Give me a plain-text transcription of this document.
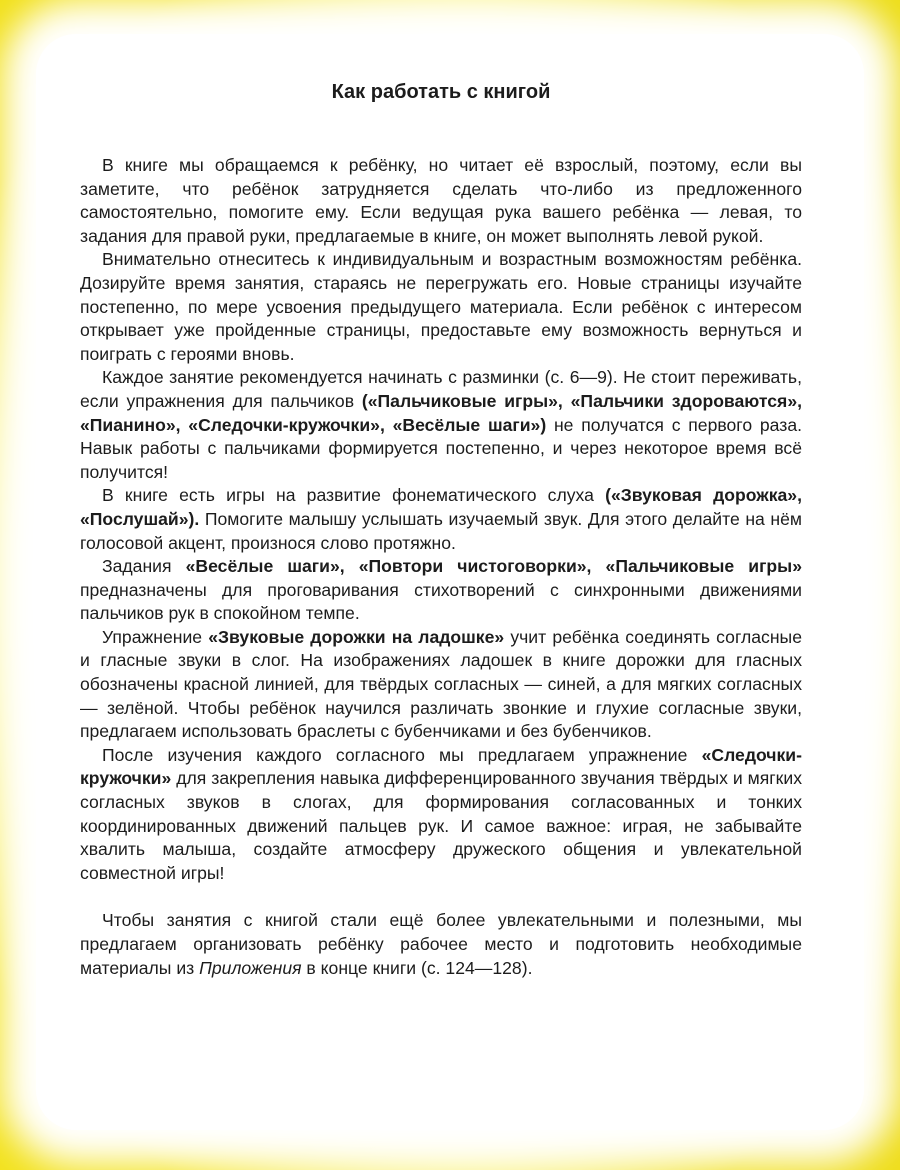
Как работать с книгой

В книге мы обращаемся к ребёнку, но читает её взрослый, поэтому, если вы заметите, что ребёнок затрудняется сделать что-либо из предложенного самостоятельно, помогите ему. Если ведущая рука вашего ребёнка — левая, то задания для правой руки, предлагаемые в книге, он может выполнять левой рукой.

Внимательно отнеситесь к индивидуальным и возрастным возможностям ребёнка. Дозируйте время занятия, стараясь не перегружать его. Новые страницы изучайте постепенно, по мере усвоения предыдущего материала. Если ребёнок с интересом открывает уже пройденные страницы, предоставьте ему возможность вернуться и поиграть с героями вновь.

Каждое занятие рекомендуется начинать с разминки (с. 6—9). Не стоит переживать, если упражнения для пальчиков («Пальчиковые игры», «Пальчики здороваются», «Пианино», «Следочки-кружочки», «Весёлые шаги») не получатся с первого раза. Навык работы с пальчиками формируется постепенно, и через некоторое время всё получится!

В книге есть игры на развитие фонематического слуха («Звуковая дорожка», «Послушай»). Помогите малышу услышать изучаемый звук. Для этого делайте на нём голосовой акцент, произнося слово протяжно.

Задания «Весёлые шаги», «Повтори чистоговорки», «Пальчиковые игры» предназначены для проговаривания стихотворений с синхронными движениями пальчиков рук в спокойном темпе.

Упражнение «Звуковые дорожки на ладошке» учит ребёнка соединять согласные и гласные звуки в слог. На изображениях ладошек в книге дорожки для гласных обозначены красной линией, для твёрдых согласных — синей, а для мягких согласных — зелёной. Чтобы ребёнок научился различать звонкие и глухие согласные звуки, предлагаем использовать браслеты с бубенчиками и без бубенчиков.

После изучения каждого согласного мы предлагаем упражнение «Следочки-кружочки» для закрепления навыка дифференцированного звучания твёрдых и мягких согласных звуков в слогах, для формирования согласованных и тонких координированных движений пальцев рук. И самое важное: играя, не забывайте хвалить малыша, создайте атмосферу дружеского общения и увлекательной совместной игры!

Чтобы занятия с книгой стали ещё более увлекательными и полезными, мы предлагаем организовать ребёнку рабочее место и подготовить необходимые материалы из Приложения в конце книги (с. 124—128).
